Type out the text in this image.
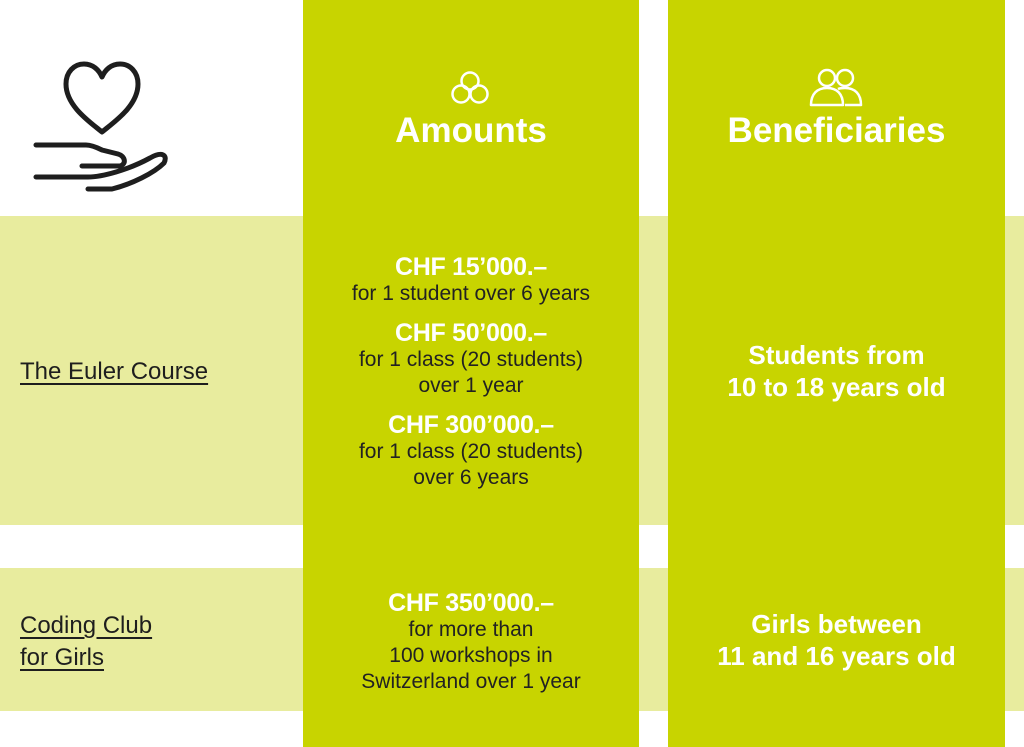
Amounts	Beneficiaries
The Euler Course
CHF 15’000.–
for 1 student over 6 years
CHF 50’000.–
for 1 class (20 students)
over 1 year
CHF 300’000.–
for 1 class (20 students)
over 6 years
Students from
10 to 18 years old
Coding Club
for Girls
CHF 350’000.–
for more than
100 workshops in
Switzerland over 1 year
Girls between
11 and 16 years old
